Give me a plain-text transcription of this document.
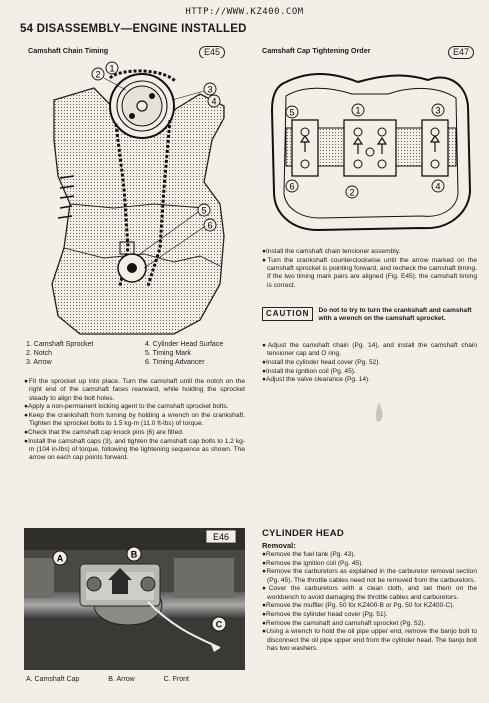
HTTP://WWW.KZ400.COM
54 DISASSEMBLY—ENGINE INSTALLED
Camshaft Chain Timing	E45
2
1
3
4
5
6
1. Camshaft Sprocket
2. Notch
3. Arrow
4. Cylinder Head Surface
5. Timing Mark
6. Timing Advancer

●Fit the sprocket up into place. Turn the camshaft until the notch on the right end of the camshaft faces rearward, while holding the sprocket steady to align the bolt holes.

●Apply a non-permanent locking agent to the camshaft sprocket bolts.

●Keep the crankshaft from turning by holding a wrench on the crankshaft. Tighten the sprocket bolts to 1.5 kg-m (11.0 ft-lbs) of torque.

●Check that the camshaft cap knock pins (6) are fitted.

●Install the camshaft caps (3), and tighten the camshaft cap bolts to 1.2 kg-m (104 in-lbs) of torque, following the tightening sequence as shown. The arrow on each cap points forward.

E46
A	B
C
A. Camshaft Cap	B. Arrow	C. Front
Camshaft Cap Tightening Order	E47
5	1	3
6
2
4

●Install the camshaft chain tensioner assembly.

●Turn the crankshaft counterclockwise until the arrow marked on the camshaft sprocket is pointing forward, and recheck the camshaft timing. If the two timing mark pairs are aligned (Fig. E45), the camshaft timing is correct.

CAUTION	Do not to try to turn the crankshaft and camshaft with a wrench on the camshaft sprocket.

●Adjust the camshaft chain (Pg. 14), and install the camshaft chain tensioner cap and O ring.

●Install the cylinder head cover (Pg. 52).

●Install the ignition coil (Pg. 45).

●Adjust the valve clearance (Pg. 14).

CYLINDER HEAD
Removal:

●Remove the fuel tank (Pg. 43).

●Remove the ignition coil (Pg. 45).

●Remove the carburetors as explained in the carburetor removal section (Pg. 45). The throttle cables need not be removed from the carburetors.

●Cover the carburetors with a clean cloth, and set them on the workbench to avoid damaging the throttle cables and carburetors.

●Remove the muffler (Pg. 50 for KZ400-B or Pg. 50 for KZ400-C).

●Remove the cylinder head cover (Pg. 51).

●Remove the camshaft and camshaft sprocket (Pg. 52).

●Using a wrench to hold the oil pipe upper end, remove the banjo bolt to disconnect the oil pipe upper end from the cylinder head. The banjo bolt has two washers.
